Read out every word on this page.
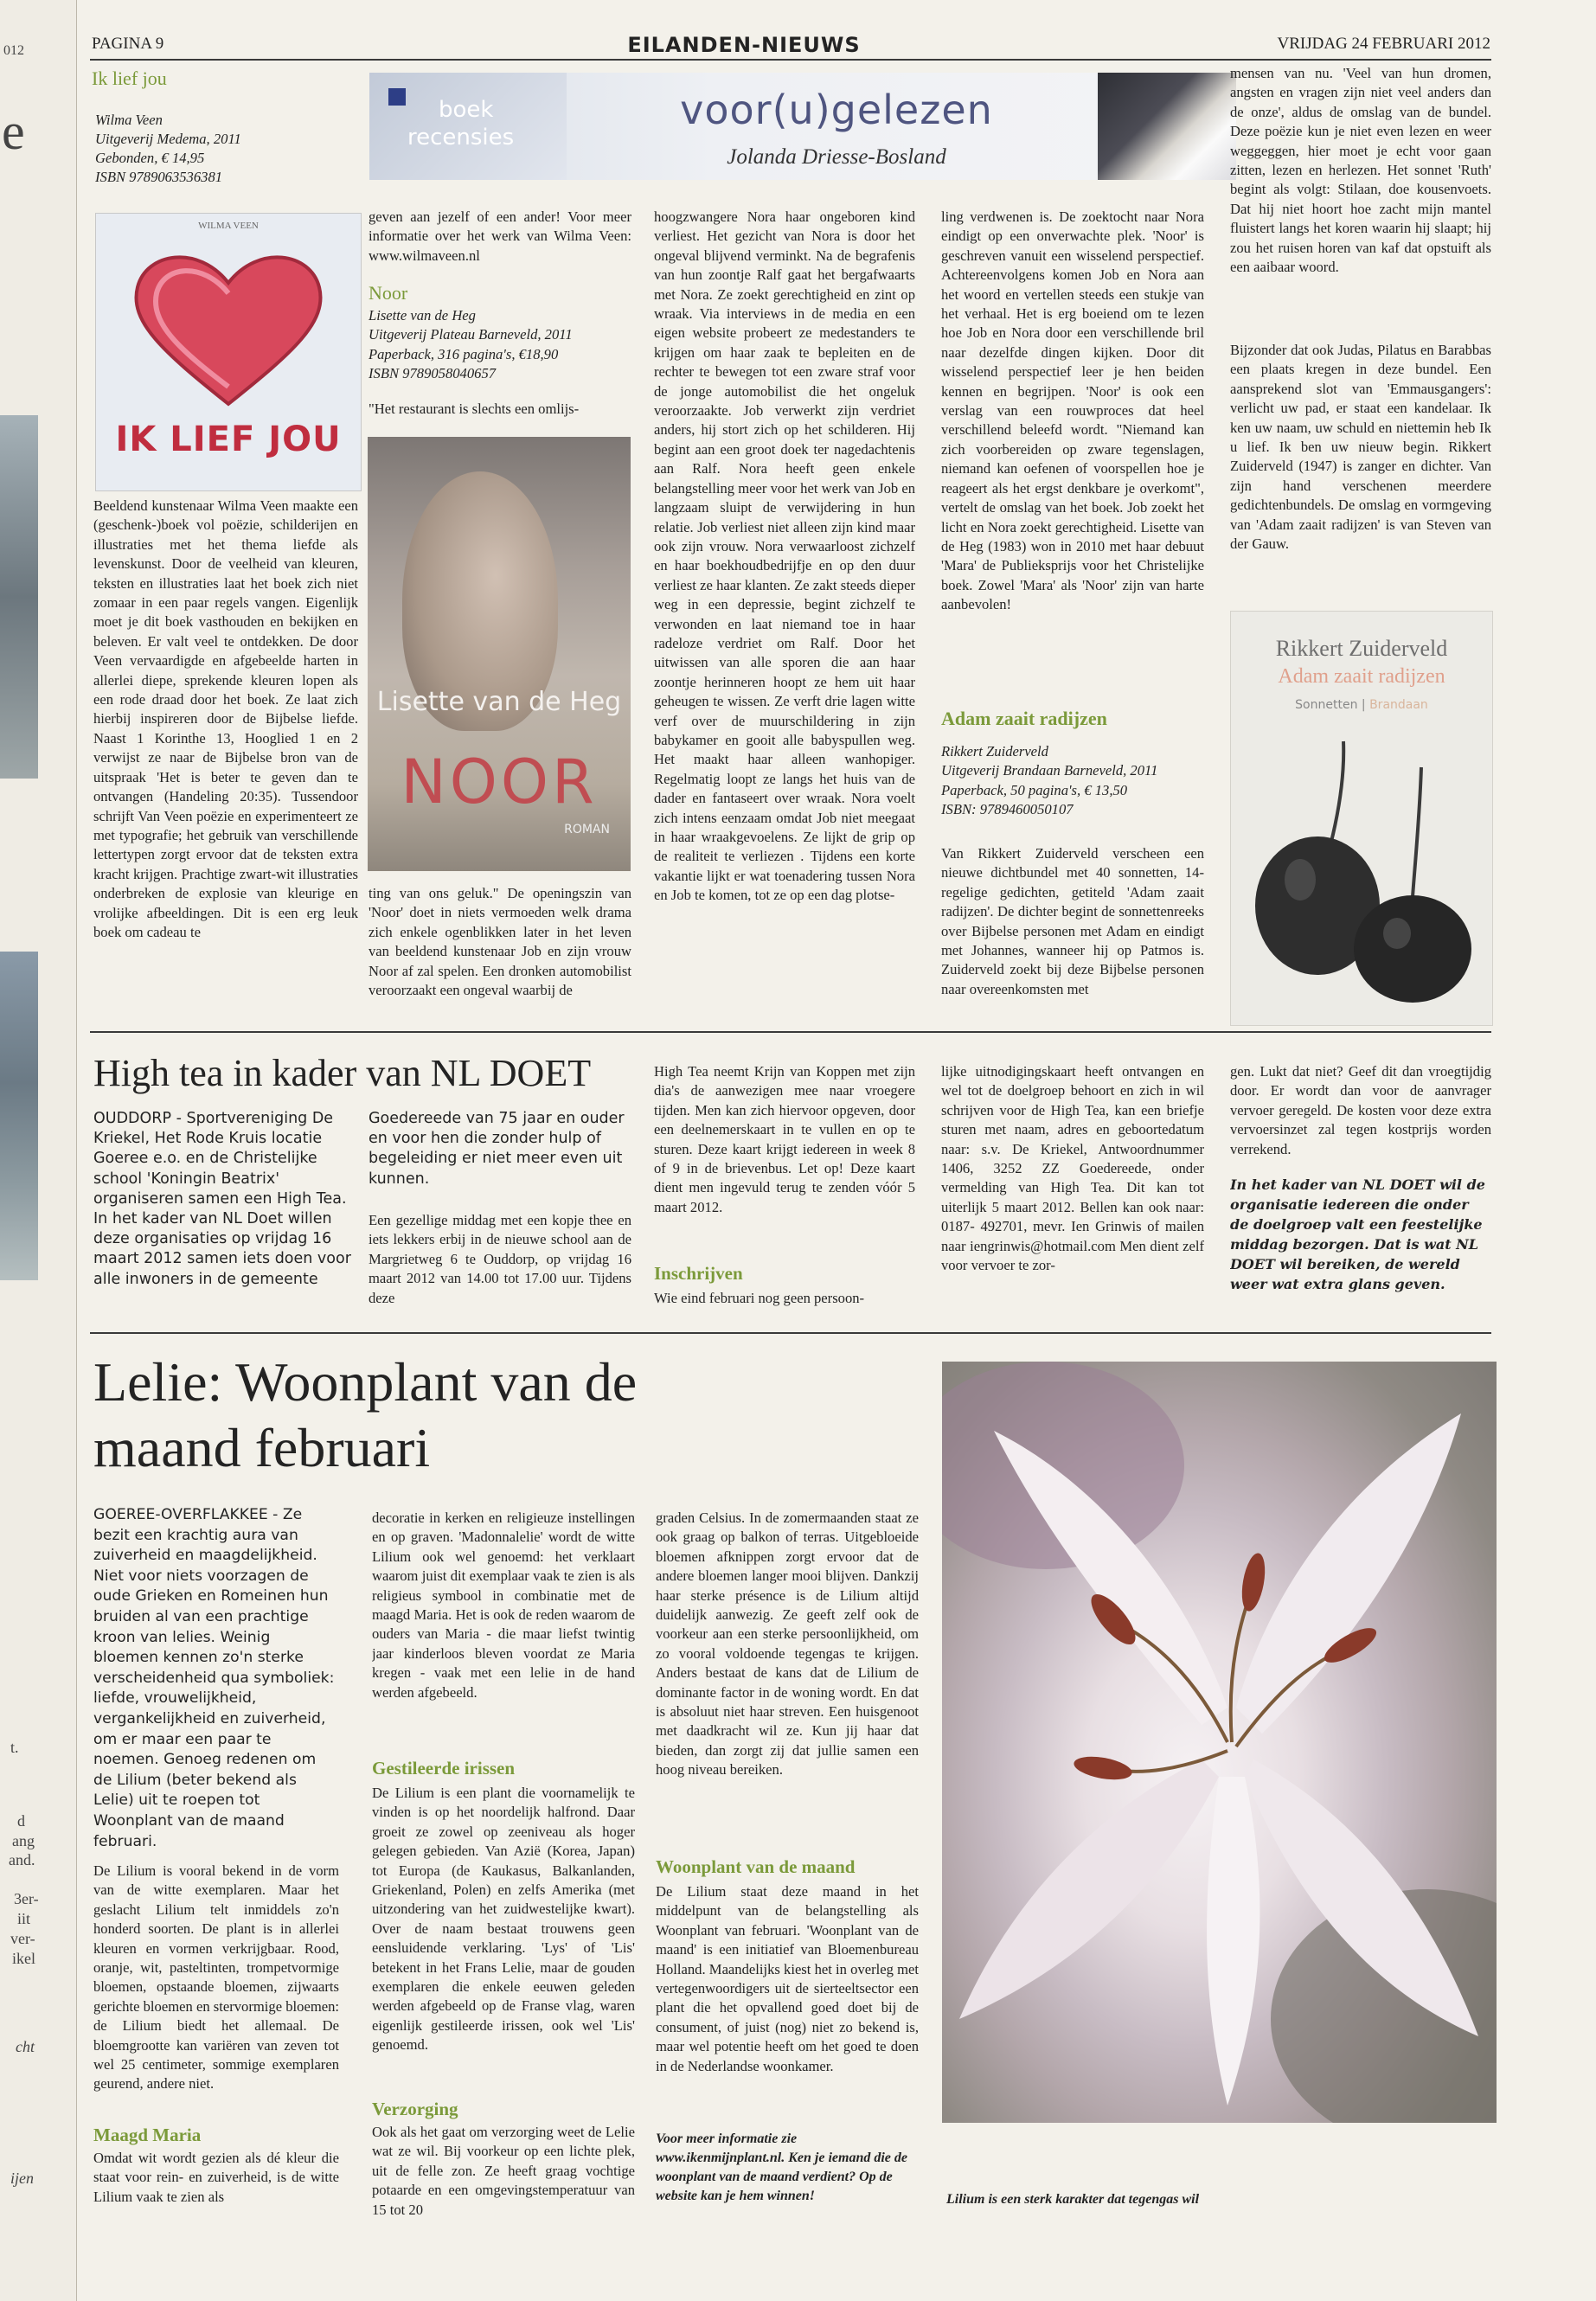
012
e
t.
d
ang
and.
3er-
iit
ver-
ikel
cht
ijen
PAGINA 9	EILANDEN-NIEUWS	VRIJDAG 24 FEBRUARI 2012
Ik lief jou
Wilma Veen
Uitgeverij Medema, 2011
Gebonden, € 14,95
ISBN 9789063536381
boek
recensies
voor(u)gelezen
Jolanda Driesse-Bosland
WILMA VEEN
IK LIEF JOU
Beeldend kunstenaar Wilma Veen maakte een (geschenk-)boek vol poëzie, schilderijen en illustraties met het thema liefde als levenskunst. Door de veelheid van kleuren, teksten en illustraties laat het boek zich niet zomaar in een paar regels vangen. Eigenlijk moet je dit boek vasthouden en bekijken en beleven. Er valt veel te ontdekken. De door Veen vervaardigde en afgebeelde harten in allerlei diepe, sprekende kleuren lopen als een rode draad door het boek. Ze laat zich hierbij inspireren door de Bijbelse liefde. Naast 1 Korinthe 13, Hooglied 1 en 2 verwijst ze naar de Bijbelse bron van de uitspraak 'Het is beter te geven dan te ontvangen (Handeling 20:35). Tussendoor schrijft Van Veen poëzie en experimenteert ze met typografie; het gebruik van verschillende lettertypen zorgt ervoor dat de teksten extra kracht krijgen. Prachtige zwart-wit illustraties onderbreken de explosie van kleurige en vrolijke afbeeldingen. Dit is een erg leuk boek om cadeau te
geven aan jezelf of een ander! Voor meer informatie over het werk van Wilma Veen: www.wilmaveen.nl
Noor
Lisette van de Heg
Uitgeverij Plateau Barneveld, 2011
Paperback, 316 pagina's, €18,90
ISBN 9789058040657
"Het restaurant is slechts een omlijs-
Lisette van de Heg
NOOR
ROMAN
ting van ons geluk." De openingszin van 'Noor' doet in niets vermoeden welk drama zich enkele ogenblikken later in het leven van beeldend kunstenaar Job en zijn vrouw Noor af zal spelen. Een dronken automobilist veroorzaakt een ongeval waarbij de
hoogzwangere Nora haar ongeboren kind verliest. Het gezicht van Nora is door het ongeval blijvend verminkt. Na de begrafenis van hun zoontje Ralf gaat het bergafwaarts met Nora. Ze zoekt gerechtigheid en zint op wraak. Via interviews in de media en een eigen website probeert ze medestanders te krijgen om haar zaak te bepleiten en de rechter te bewegen tot een zware straf voor de jonge automobilist die het ongeluk veroorzaakte. Job verwerkt zijn verdriet anders, hij stort zich op het schilderen. Hij begint aan een groot doek ter nagedachtenis aan Ralf. Nora heeft geen enkele belangstelling meer voor het werk van Job en langzaam sluipt de verwijdering in hun relatie. Job verliest niet alleen zijn kind maar ook zijn vrouw. Nora verwaarloost zichzelf en haar boekhoudbedrijfje en op den duur verliest ze haar klanten. Ze zakt steeds dieper weg in een depressie, begint zichzelf te verwonden en laat niemand toe in haar radeloze verdriet om Ralf. Door het uitwissen van alle sporen die aan haar zoontje herinneren hoopt ze hem uit haar geheugen te wissen. Ze verft drie lagen witte verf over de muurschildering in zijn babykamer en gooit alle babyspullen weg. Het maakt haar alleen wanhopiger. Regelmatig loopt ze langs het huis van de dader en fantaseert over wraak. Nora voelt zich intens eenzaam omdat Job niet meegaat in haar wraakgevoelens. Ze lijkt de grip op de realiteit te verliezen . Tijdens een korte vakantie lijkt er wat toenadering tussen Nora en Job te komen, tot ze op een dag plotse-
ling verdwenen is. De zoektocht naar Nora eindigt op een onverwachte plek. 'Noor' is geschreven vanuit een wisselend perspectief. Achtereenvolgens komen Job en Nora aan het woord en vertellen steeds een stukje van het verhaal. Het is erg boeiend om te lezen hoe Job en Nora door een verschillende bril naar dezelfde dingen kijken. Door dit wisselend perspectief leer je hen beiden kennen en begrijpen. 'Noor' is ook een verslag van een rouwproces dat heel verschillend beleefd wordt. "Niemand kan zich voorbereiden op zware tegenslagen, niemand kan oefenen of voorspellen hoe je reageert als het ergst denkbare je overkomt", vertelt de omslag van het boek. Job zoekt het licht en Nora zoekt gerechtigheid. Lisette van de Heg (1983) won in 2010 met haar debuut 'Mara' de Publieksprijs voor het Christelijke boek. Zowel 'Mara' als 'Noor' zijn van harte aanbevolen!
Adam zaait radijzen
Rikkert Zuiderveld
Uitgeverij Brandaan Barneveld, 2011
Paperback, 50 pagina's, € 13,50
ISBN: 9789460050107
Van Rikkert Zuiderveld verscheen een nieuwe dichtbundel met 40 sonnetten, 14-regelige gedichten, getiteld 'Adam zaait radijzen'. De dichter begint de sonnettenreeks over Bijbelse personen met Adam en eindigt met Johannes, wanneer hij op Patmos is. Zuiderveld zoekt bij deze Bijbelse personen naar overeenkomsten met
mensen van nu. 'Veel van hun dromen, angsten en vragen zijn niet veel anders dan de onze', aldus de omslag van de bundel. Deze poëzie kun je niet even lezen en weer weggeggen, hier moet je echt voor gaan zitten, lezen en herlezen. Het sonnet 'Ruth' begint als volgt: Stilaan, doe kousenvoets. Dat hij niet hoort hoe zacht mijn mantel fluistert langs het koren waarin hij slaapt; hij zou het ruisen horen van kaf dat opstuift als een aaibaar woord.
Bijzonder dat ook Judas, Pilatus en Barabbas een plaats kregen in deze bundel. Een aansprekend slot van 'Emmausgangers': verlicht uw pad, er staat een kandelaar. Ik ken uw naam, uw schuld en niettemin heb Ik u lief. Ik ben uw nieuw begin. Rikkert Zuiderveld (1947) is zanger en dichter. Van zijn hand verschenen meerdere gedichtenbundels. De omslag en vormgeving van 'Adam zaait radijzen' is van Steven van der Gauw.
Rikkert Zuiderveld
Adam zaait radijzen
Sonnetten | Brandaan
High tea in kader van NL DOET
OUDDORP - Sportvereniging De Kriekel, Het Rode Kruis locatie Goeree e.o. en de Christelijke school 'Koningin Beatrix' organiseren samen een High Tea. In het kader van NL Doet willen deze organisaties op vrijdag 16 maart 2012 samen iets doen voor alle inwoners in de gemeente
Goedereede van 75 jaar en ouder en voor hen die zonder hulp of begeleiding er niet meer even uit kunnen.
Een gezellige middag met een kopje thee en iets lekkers erbij in de nieuwe school aan de Margrietweg 6 te Ouddorp, op vrijdag 16 maart 2012 van 14.00 tot 17.00 uur. Tijdens deze
High Tea neemt Krijn van Koppen met zijn dia's de aanwezigen mee naar vroegere tijden. Men kan zich hiervoor opgeven, door een deelnemerskaart in te vullen en op te sturen. Deze kaart krijgt iedereen in week 8 of 9 in de brievenbus. Let op! Deze kaart dient men ingevuld terug te zenden vóór 5 maart 2012.
Inschrijven
Wie eind februari nog geen persoon-
lijke uitnodigingskaart heeft ontvangen en wel tot de doelgroep behoort en zich in wil schrijven voor de High Tea, kan een briefje sturen met naam, adres en geboortedatum naar: s.v. De Kriekel, Antwoordnummer 1406, 3252 ZZ Goedereede, onder vermelding van High Tea. Dit kan tot uiterlijk 5 maart 2012. Bellen kan ook naar: 0187- 492701, mevr. Ien Grinwis of mailen naar iengrinwis@hotmail.com Men dient zelf voor vervoer te zor-
gen. Lukt dat niet? Geef dit dan vroegtijdig door. Er wordt dan voor de aanvrager vervoer geregeld. De kosten voor deze extra vervoersinzet zal tegen kostprijs worden verrekend.
In het kader van NL DOET wil de organisatie iedereen die onder de doelgroep valt een feestelijke middag bezorgen. Dat is wat NL DOET wil bereiken, de wereld weer wat extra glans geven.
Lelie: Woonplant van de maand februari
GOEREE-OVERFLAKKEE - Ze bezit een krachtig aura van zuiverheid en maagdelijkheid. Niet voor niets voorzagen de oude Grieken en Romeinen hun bruiden al van een prachtige kroon van lelies. Weinig bloemen kennen zo'n sterke verscheidenheid qua symboliek: liefde, vrouwelijkheid, vergankelijkheid en zuiverheid, om er maar een paar te noemen. Genoeg redenen om de Lilium (beter bekend als Lelie) uit te roepen tot Woonplant van de maand februari.
De Lilium is vooral bekend in de vorm van de witte exemplaren. Maar het geslacht Lilium telt inmiddels zo'n honderd soorten. De plant is in allerlei kleuren en vormen verkrijgbaar. Rood, oranje, wit, pasteltinten, trompetvormige bloemen, opstaande bloemen, zijwaarts gerichte bloemen en stervormige bloemen: de Lilium biedt het allemaal. De bloemgrootte kan variëren van zeven tot wel 25 centimeter, sommige exemplaren geurend, andere niet.
Maagd Maria
Omdat wit wordt gezien als dé kleur die staat voor rein- en zuiverheid, is de witte Lilium vaak te zien als
decoratie in kerken en religieuze instellingen en op graven. 'Madonnalelie' wordt de witte Lilium ook wel genoemd: het verklaart waarom juist dit exemplaar vaak te zien is als religieus symbool in combinatie met de maagd Maria. Het is ook de reden waarom de ouders van Maria - die maar liefst twintig jaar kinderloos bleven voordat ze Maria kregen - vaak met een lelie in de hand werden afgebeeld.
Gestileerde irissen
De Lilium is een plant die voornamelijk te vinden is op het noordelijk halfrond. Daar groeit ze zowel op zeeniveau als hoger gelegen gebieden. Van Azië (Korea, Japan) tot Europa (de Kaukasus, Balkanlanden, Griekenland, Polen) en zelfs Amerika (met uitzondering van het zuidwestelijke kwart). Over de naam bestaat trouwens geen eensluidende verklaring. 'Lys' of 'Lis' betekent in het Frans Lelie, maar de gouden exemplaren die enkele eeuwen geleden werden afgebeeld op de Franse vlag, waren eigenlijk gestileerde irissen, ook wel 'Lis' genoemd.
Verzorging
Ook als het gaat om verzorging weet de Lelie wat ze wil. Bij voorkeur op een lichte plek, uit de felle zon. Ze heeft graag vochtige potaarde en een omgevingstemperatuur van 15 tot 20
graden Celsius. In de zomermaanden staat ze ook graag op balkon of terras. Uitgebloeide bloemen afknippen zorgt ervoor dat de andere bloemen langer mooi blijven. Dankzij haar sterke présence is de Lilium altijd duidelijk aanwezig. Ze geeft zelf ook de voorkeur aan een sterke persoonlijkheid, om zo vooral voldoende tegengas te krijgen. Anders bestaat de kans dat de Lilium de dominante factor in de woning wordt. En dat is absoluut niet haar streven. Een huisgenoot met daadkracht wil ze. Kun jij haar dat bieden, dan zorgt zij dat jullie samen een hoog niveau bereiken.
Woonplant van de maand
De Lilium staat deze maand in het middelpunt van de belangstelling als Woonplant van februari. 'Woonplant van de maand' is een initiatief van Bloemenbureau Holland. Maandelijks kiest het in overleg met vertegenwoordigers uit de sierteeltsector een plant die het opvallend goed doet bij de consument, of juist (nog) niet zo bekend is, maar wel potentie heeft om het goed te doen in de Nederlandse woonkamer.
Voor meer informatie zie www.ikenmijnplant.nl. Ken je iemand die de woonplant van de maand verdient? Op de website kan je hem winnen!	Lilium is een sterk karakter dat tegengas wil
